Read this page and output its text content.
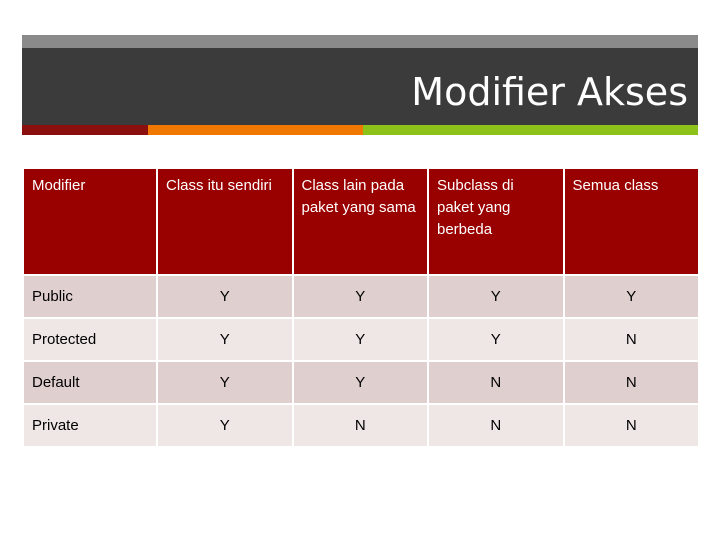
Modifier Akses
Modifier	Class itu sendiri	Class lain pada paket yang sama	Subclass di paket yang berbeda	Semua class
Public	Y	Y	Y	Y
Protected	Y	Y	Y	N
Default	Y	Y	N	N
Private	Y	N	N	N
